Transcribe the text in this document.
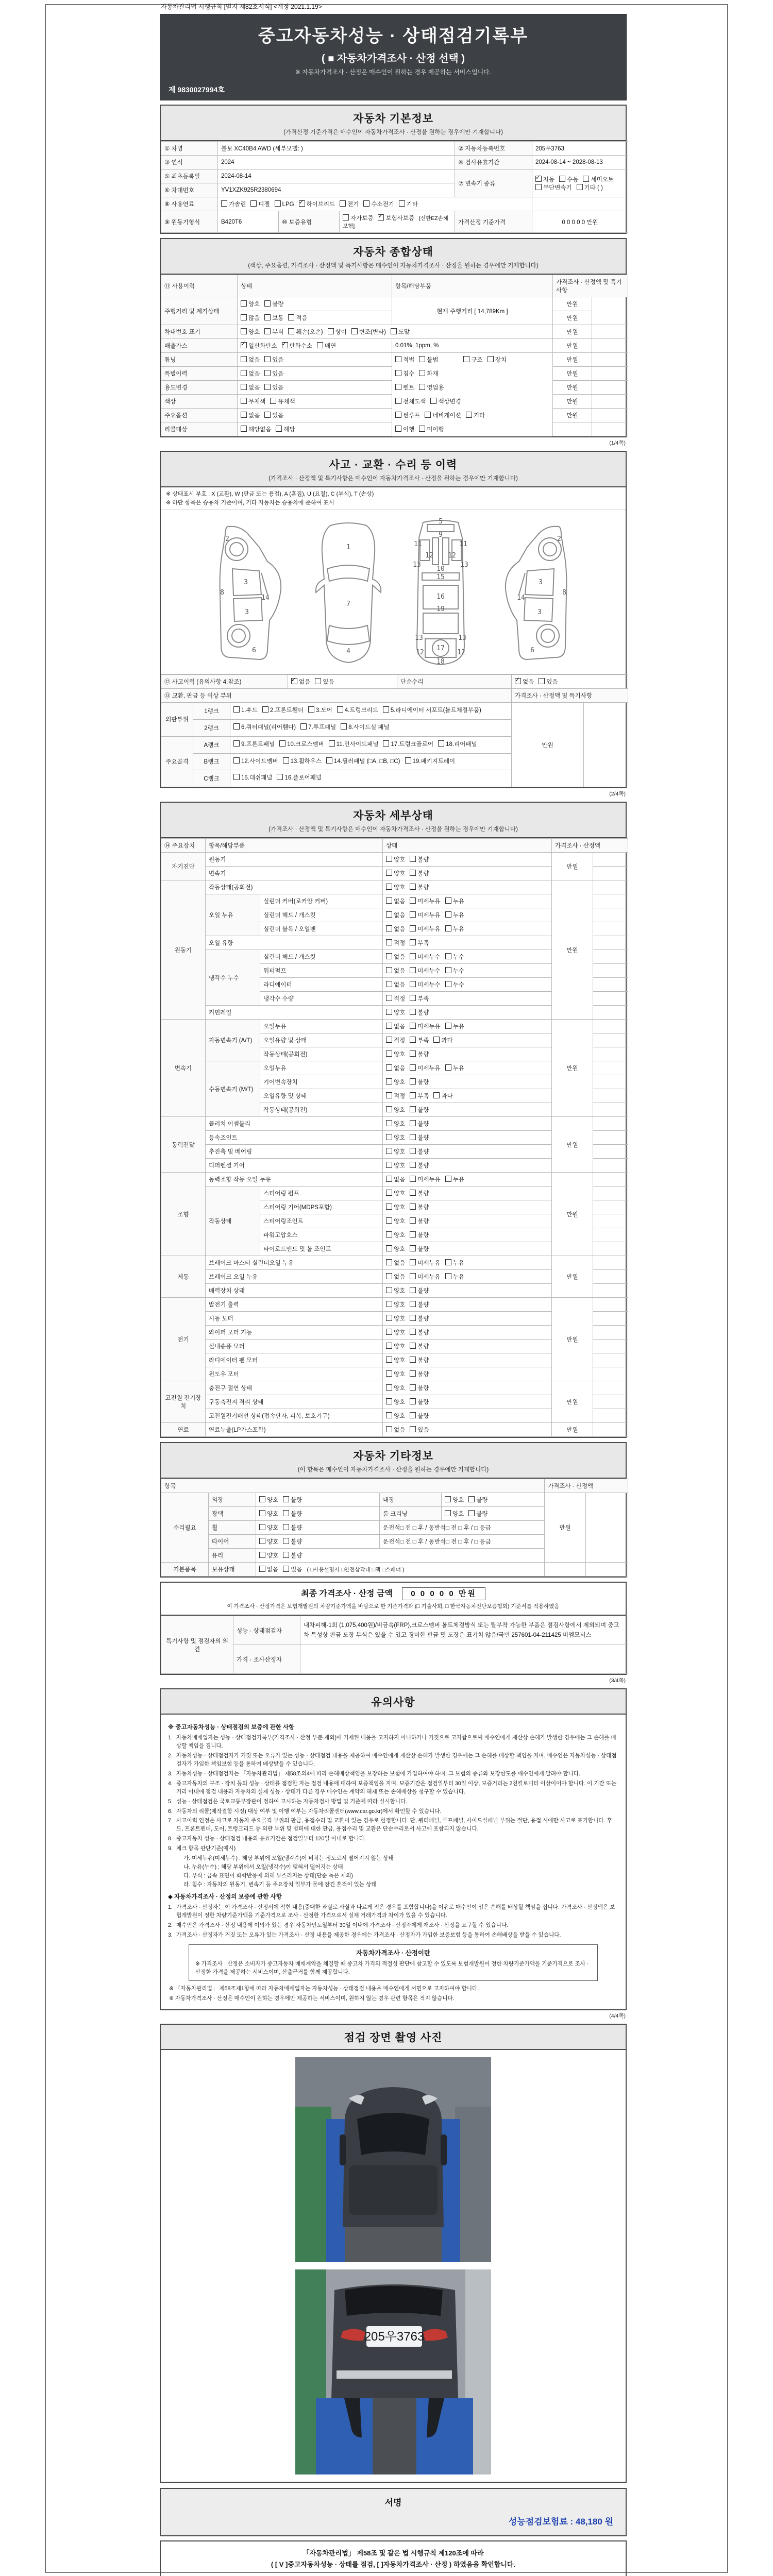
자동차관리법 시행규칙 [별지 제82호서식] <개정 2021.1.19>
중고자동차성능 · 상태점검기록부
( ■ 자동차가격조사 · 산정 선택 )
※ 자동차가격조사 · 산정은 매수인이 원하는 경우 제공하는 서비스입니다.
제 9830027994호
자동차 기본정보
(가격산정 기준가격은 매수인이 자동차가격조사 · 산정을 원하는 경우에만 기재합니다)
① 차명	볼보 XC40B4 AWD (세부모델: )			② 자동차등록번호	205우3763
③ 연식	2024			④ 검사유효기간	2024-08-14 ~ 2028-08-13
⑤ 최초등록일	2024-08-14			⑦ 변속기 종류	✓자동 수동 세미오토무단변속기 기타 ( )
⑥ 차대번호	YV1XZK925R2380694				
⑧ 사용연료	가솔린 디젤 LPG ✓ 하이브리드 전기 수소전기 기타	
⑨ 원동기형식	B420T6	⑩ 보증유형	자가보증 ✓ 보험사보증 [신한EZ손해보험]	가격산정 기준가격	0 0 0 0 0 만원
자동차 종합상태
(색상, 주요옵션, 가격조사 · 산정액 및 특기사항은 매수인이 자동차가격조사 · 산정을 원하는 경우에만 기재합니다)
⑪ 사용이력	상태	항목/해당부품	가격조사 · 산정액 및 특기사항	
주행거리 및 계기상태	양호 불량	현재 주행거리 [ 14,789Km ]	만원	
	많음 보통 적음		만원	
차대번호 표기	양호 부식 훼손(오손) 상이 변조(변타) 도말		만원	
배출가스	✓일산화탄소 ✓ 탄화수소 매연	0.01%, 1ppm, %	만원	
튜닝	없음 있음	적법 불법 구조 장치	만원	
특별이력	없음 있음	침수 화재	만원	
용도변경	없음 있음	렌트 영업용	만원	
색상	무채색 유채색	전체도색 색상변경	만원	
주요옵션	없음 있음	썬루프 네비게이션 기타	만원	
리콜대상	해당없음 해당	이행 미이행		
(1/4쪽)
사고 · 교환 · 수리 등 이력
(가격조사 · 산정액 및 특기사항은 매수인이 자동차가격조사 · 산정을 원하는 경우에만 기재합니다)
※ 상태표시 부호 : X (교환), W (판금 또는 용접), A (흠집), U (요철), C (부식), T (손상)
※ 하단 항목은 승용차 기준이며, 기타 자동차는 승용차에 준하여 표시
2
8
3
14
3
6
1
7
4
5
9
11	11
13	13
12 12
10
15
16
19
13	13
12	12
17
18
2
8
3
14
3
6
⑫ 사고이력 (유의사항 4.참조)	✓없음 있음	단순수리	✓없음 있음
⑬ 교환, 판금 등 이상 부위			가격조사 · 산정액 및 특기사항	
외판부위	1랭크	1.후드 2.프론트휀더 3.도어 4.트렁크리드 5.라디에이터 서포트(볼트체결부품)	만원	
	2랭크	6.쿼터패널(리어휀다) 7.루프패널 8.사이드실 패널		
주요골격	A랭크	9.프론트패널 10.크로스멤버 11.인사이드패널 17.트렁크플로어 18.리어패널		
	B랭크	12.사이드멤버 13.휠하우스 14.필러패널 (□A, □B, □C) 19.패키지트레이		
	C랭크	15.대쉬패널 16.플로어패널		
(2/4쪽)
자동차 세부상태
(가격조사 · 산정액 및 특기사항은 매수인이 자동차가격조사 · 산정을 원하는 경우에만 기재합니다)
⑭ 주요장치	항목/해당부품		상태	가격조사 · 산정액	
자기진단	원동기		양호 불량	만원	
	변속기		양호 불량		
원동기	작동상태(공회전)		양호 불량	만원	
	오일 누유	실린더 커버(로커암 커버)	없음 미세누유 누유		
		실린더 헤드 / 개스킷	없음 미세누유 누유		
		실린더 블록 / 오일팬	없음 미세누유 누유		
	오일 유량		적정 부족		
	냉각수 누수	실린더 헤드 / 개스킷	없음 미세누수 누수		
		워터펌프	없음 미세누수 누수		
		라디에이터	없음 미세누수 누수		
		냉각수 수량	적정 부족		
	커먼레일		양호 불량		
변속기	자동변속기 (A/T)	오일누유	없음 미세누유 누유	만원	
		오일유량 및 상태	적정 부족 과다		
		작동상태(공회전)	양호 불량		
	수동변속기 (M/T)	오일누유	없음 미세누유 누유		
		기어변속장치	양호 불량		
		오일유량 및 상태	적정 부족 과다		
		작동상태(공회전)	양호 불량		
동력전달	클러치 어셈블리		양호 불량	만원	
	등속조인트		양호 불량		
	추진축 및 베어링		양호 불량		
	디퍼렌셜 기어		양호 불량		
조향	동력조향 작동 오일 누유		없음 미세누유 누유	만원	
	작동상태	스티어링 펌프	양호 불량		
		스티어링 기어(MDPS포함)	양호 불량		
		스티어링조인트	양호 불량		
		파워고압호스	양호 불량		
		타이로드엔드 및 볼 조인트	양호 불량		
제동	브레이크 마스터 실린더오일 누유		없음 미세누유 누유	만원	
	브레이크 오일 누유		없음 미세누유 누유		
	배력장치 상태		양호 불량		
전기	발전기 출력		양호 불량	만원	
	시동 모터		양호 불량		
	와이퍼 모터 기능		양호 불량		
	실내송풍 모터		양호 불량		
	라디에이터 팬 모터		양호 불량		
	윈도우 모터		양호 불량		
고전원 전기장치	충전구 절연 상태		양호 불량	만원	
	구동축전지 격리 상태		양호 불량		
	고전원전기배선 상태(접속단자, 피복, 보호기구)		양호 불량		
연료	연료누출(LP가스포함)		없음 있음	만원	
자동차 기타정보
(이 항목은 매수인이 자동차가격조사 · 산정을 원하는 경우에만 기재합니다)
항목					가격조사 · 산정액	
수리필요	외장	양호 불량	내장	양호 불량	만원	
	광택	양호 불량	룸 크리닝	양호 불량		
	휠	양호 불량	운전석□ 전 □ 후 / 동반석□ 전 □ 후 / □ 응급			
	타이어	양호 불량	운전석□ 전 □ 후 / 동반석□ 전 □ 후 / □ 응급			
	유리	양호 불량				
기본품목	보유상태	없음 있음 ( □사용설명서 □안전삼각대 □잭 □스패너 )				
최종 가격조사 · 산정 금액 0 0 0 0 0 만원
이 가격조사 · 산정가격은 보험개발원의 차량기준가액을 바탕으로 한 기준가격과 (□ 기술사회, □ 한국자동차진단보증협회) 기준서를 적용하였음
특기사항 및 점검자의 의견	성능 · 상태점검자	내차피해-1회 (1,075,400원)/비금속(FRP),크로스멤버 볼트체결방식 또는 탈부착 가능한 부품은 점검사항에서 제외되며 중고차 특성상 판금 도장 부식은 있을 수 있고 경미한 판금 및 도장은 표기치 않음/국민 257601-04-211425 비엠모터스
	가격 · 조사산정자	
(3/4쪽)
유의사항
※ 중고자동차성능 · 상태점검의 보증에 관한 사항
1. 자동차매매업자는 성능 · 상태점검기록부(가격조사 · 산정 부분 제외)에 기재된 내용을 고지하지 아니하거나 거짓으로 고지함으로써 매수인에게 재산상 손해가 발생한 경우에는 그 손해를 배상할 책임을 집니다.
2. 자동차성능 · 상태점검자가 거짓 또는 오류가 있는 성능 · 상태점검 내용을 제공하여 매수인에게 재산상 손해가 발생한 경우에는 그 손해를 배상할 책임을 지며, 매수인은 자동차성능 · 상태점검자가 가입한 책임보험 등을 통하여 배상받을 수 있습니다.
3. 자동차성능 · 상태점검자는 「자동차관리법」 제58조의4에 따라 손해배상책임을 보장하는 보험에 가입하여야 하며, 그 보험의 종류와 보장한도를 매수인에게 알려야 합니다.
4. 중고자동차의 구조 · 장치 등의 성능 · 상태를 점검한 자는 점검 내용에 대하여 보증책임을 지며, 보증기간은 점검일부터 30일 이상, 보증거리는 2천킬로미터 이상이어야 합니다. 이 기간 또는 거리 이내에 점검 내용과 자동차의 실제 성능 · 상태가 다른 경우 매수인은 계약의 해제 또는 손해배상을 청구할 수 있습니다.
5. 성능 · 상태점검은 국토교통부장관이 정하여 고시하는 자동차검사 방법 및 기준에 따라 실시합니다.
6. 자동차의 리콜(제작결함 시정) 대상 여부 및 이행 여부는 자동차리콜센터(www.car.go.kr)에서 확인할 수 있습니다.
7. 사고이력 인정은 사고로 자동차 주요골격 부위의 판금, 용접수리 및 교환이 있는 경우로 한정합니다. 단, 쿼터패널, 루프패널, 사이드실패널 부위는 절단, 용접 시에만 사고로 표기합니다. 후드, 프론트펜더, 도어, 트렁크리드 등 외판 부위 및 범퍼에 대한 판금, 용접수리 및 교환은 단순수리로서 사고에 포함되지 않습니다.
8. 중고자동차 성능 · 상태점검 내용의 유효기간은 점검일부터 120일 이내로 합니다.
9. 체크 항목 판단기준(예시)
가. 미세누유(미세누수) : 해당 부위에 오일(냉각수)이 비치는 정도로서 떨어지지 않는 상태
나. 누유(누수) : 해당 부위에서 오일(냉각수)이 맺혀서 떨어지는 상태
다. 부식 : 금속 표면이 화학반응에 의해 부스러지는 상태(단순 녹은 제외)
라. 침수 : 자동차의 원동기, 변속기 등 주요장치 일부가 물에 잠긴 흔적이 있는 상태
◆ 자동차가격조사 · 산정의 보증에 관한 사항
1. 가격조사 · 산정자는 이 가격조사 · 산정서에 적힌 내용(중대한 과실로 사실과 다르게 적은 경우를 포함합니다)을 이유로 매수인이 입은 손해를 배상할 책임을 집니다. 가격조사 · 산정액은 보험개발원이 정한 차량기준가액을 기준가격으로 조사 · 산정한 가격으로서 실제 거래가격과 차이가 있을 수 있습니다.
2. 매수인은 가격조사 · 산정 내용에 이의가 있는 경우 자동차인도일부터 30일 이내에 가격조사 · 산정자에게 재조사 · 산정을 요구할 수 있습니다.
3. 가격조사 · 산정자가 거짓 또는 오류가 있는 가격조사 · 산정 내용을 제공한 경우에는 가격조사 · 산정자가 가입한 보증보험 등을 통하여 손해배상을 받을 수 있습니다.
자동차가격조사 · 산정이란
※ 가격조사 · 산정은 소비자가 중고자동차 매매계약을 체결할 때 중고차 가격의 적절성 판단에 참고할 수 있도록 보험개발원이 정한 차량기준가액을 기준가격으로 조사 · 산정한 가격을 제공하는 서비스이며, 산출근거를 함께 제공합니다.
※ 「자동차관리법」 제58조제1항에 따라 자동차매매업자는 자동차성능 · 상태점검 내용을 매수인에게 서면으로 고지하여야 합니다.
※ 자동차가격조사 · 산정은 매수인이 원하는 경우에만 제공하는 서비스이며, 원하지 않는 경우 관련 항목은 적지 않습니다.
(4/4쪽)
점검 장면 촬영 사진
205우3763
서명
성능점검보험료 : 48,180 원
「자동차관리법」 제58조 및 같은 법 시행규칙 제120조에 따라
( [ V ]중고자동차성능 · 상태를 점검, [ ]자동차가격조사 · 산정 ) 하였음을 확인합니다.
